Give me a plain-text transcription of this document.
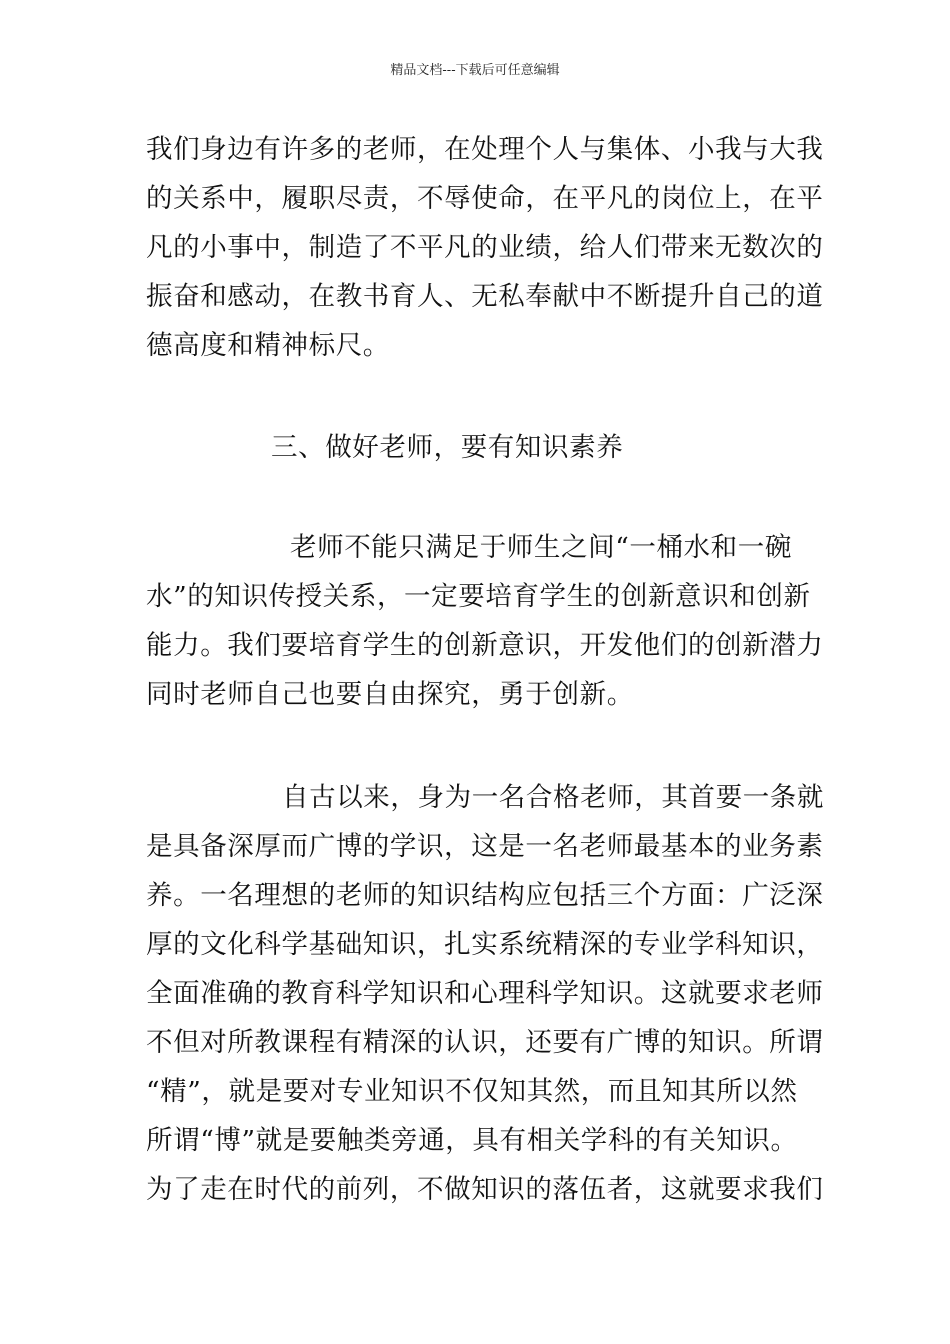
精品文档---下载后可任意编辑
我们身边有许多的老师，在处理个人与集体、小我与大我
的关系中，履职尽责，不辱使命，在平凡的岗位上，在平
凡的小事中，制造了不平凡的业绩，给人们带来无数次的
振奋和感动，在教书育人、无私奉献中不断提升自己的道
德高度和精神标尺。
三、做好老师，要有知识素养
老师不能只满足于师生之间“一桶水和一碗
水”的知识传授关系，一定要培育学生的创新意识和创新
能力。我们要培育学生的创新意识，开发他们的创新潜力
同时老师自己也要自由探究，勇于创新。
自古以来，身为一名合格老师，其首要一条就
是具备深厚而广博的学识，这是一名老师最基本的业务素
养。一名理想的老师的知识结构应包括三个方面：广泛深
厚的文化科学基础知识，扎实系统精深的专业学科知识，
全面准确的教育科学知识和心理科学知识。这就要求老师
不但对所教课程有精深的认识，还要有广博的知识。所谓
“精”，就是要对专业知识不仅知其然，而且知其所以然
所谓“博”就是要触类旁通，具有相关学科的有关知识。
为了走在时代的前列，不做知识的落伍者，这就要求我们
